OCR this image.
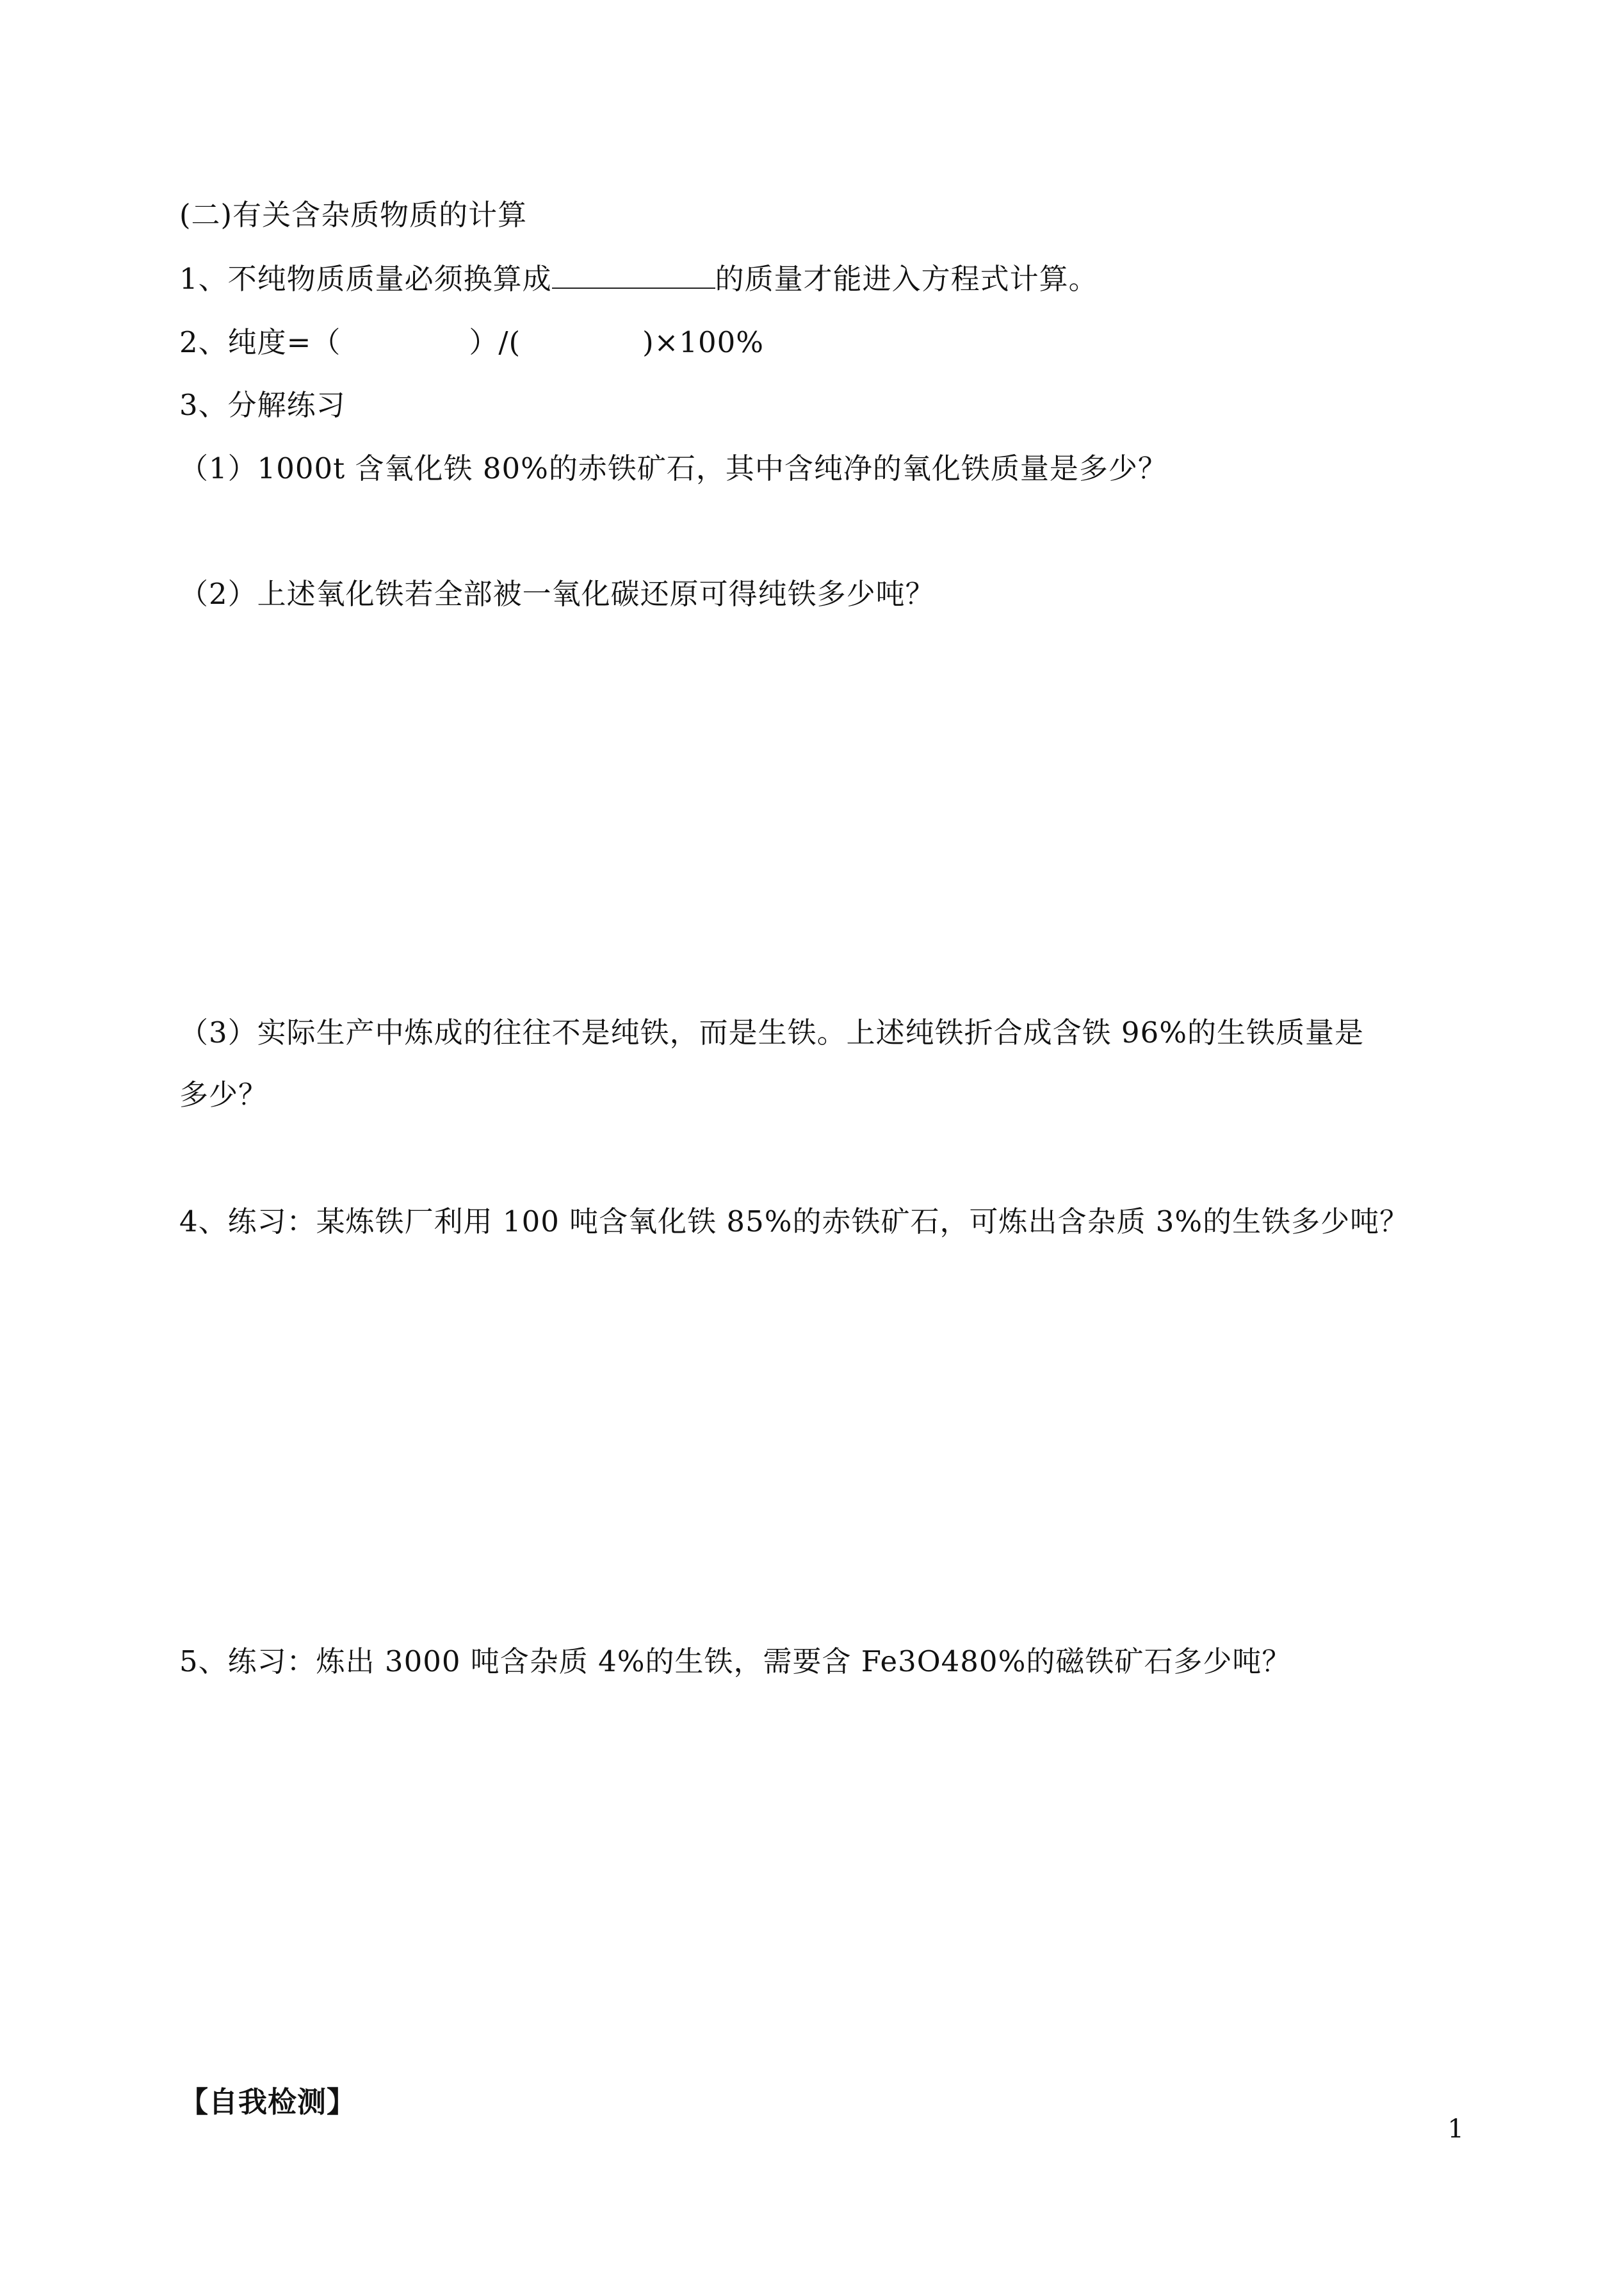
(二)有关含杂质物质的计算
1、不纯物质质量必须换算成	的质量才能进入方程式计算。
2、纯度=（	）/(	)×100%
3、分解练习
（1）1000t 含氧化铁 80%的赤铁矿石，其中含纯净的氧化铁质量是多少？
（2）上述氧化铁若全部被一氧化碳还原可得纯铁多少吨？
（3）实际生产中炼成的往往不是纯铁，而是生铁。上述纯铁折合成含铁 96%的生铁质量是
多少？
4、练习：某炼铁厂利用 100 吨含氧化铁 85%的赤铁矿石，可炼出含杂质 3%的生铁多少吨？
5、练习：炼出 3000 吨含杂质 4%的生铁，需要含 Fe3O480%的磁铁矿石多少吨？
【自我检测】
1
